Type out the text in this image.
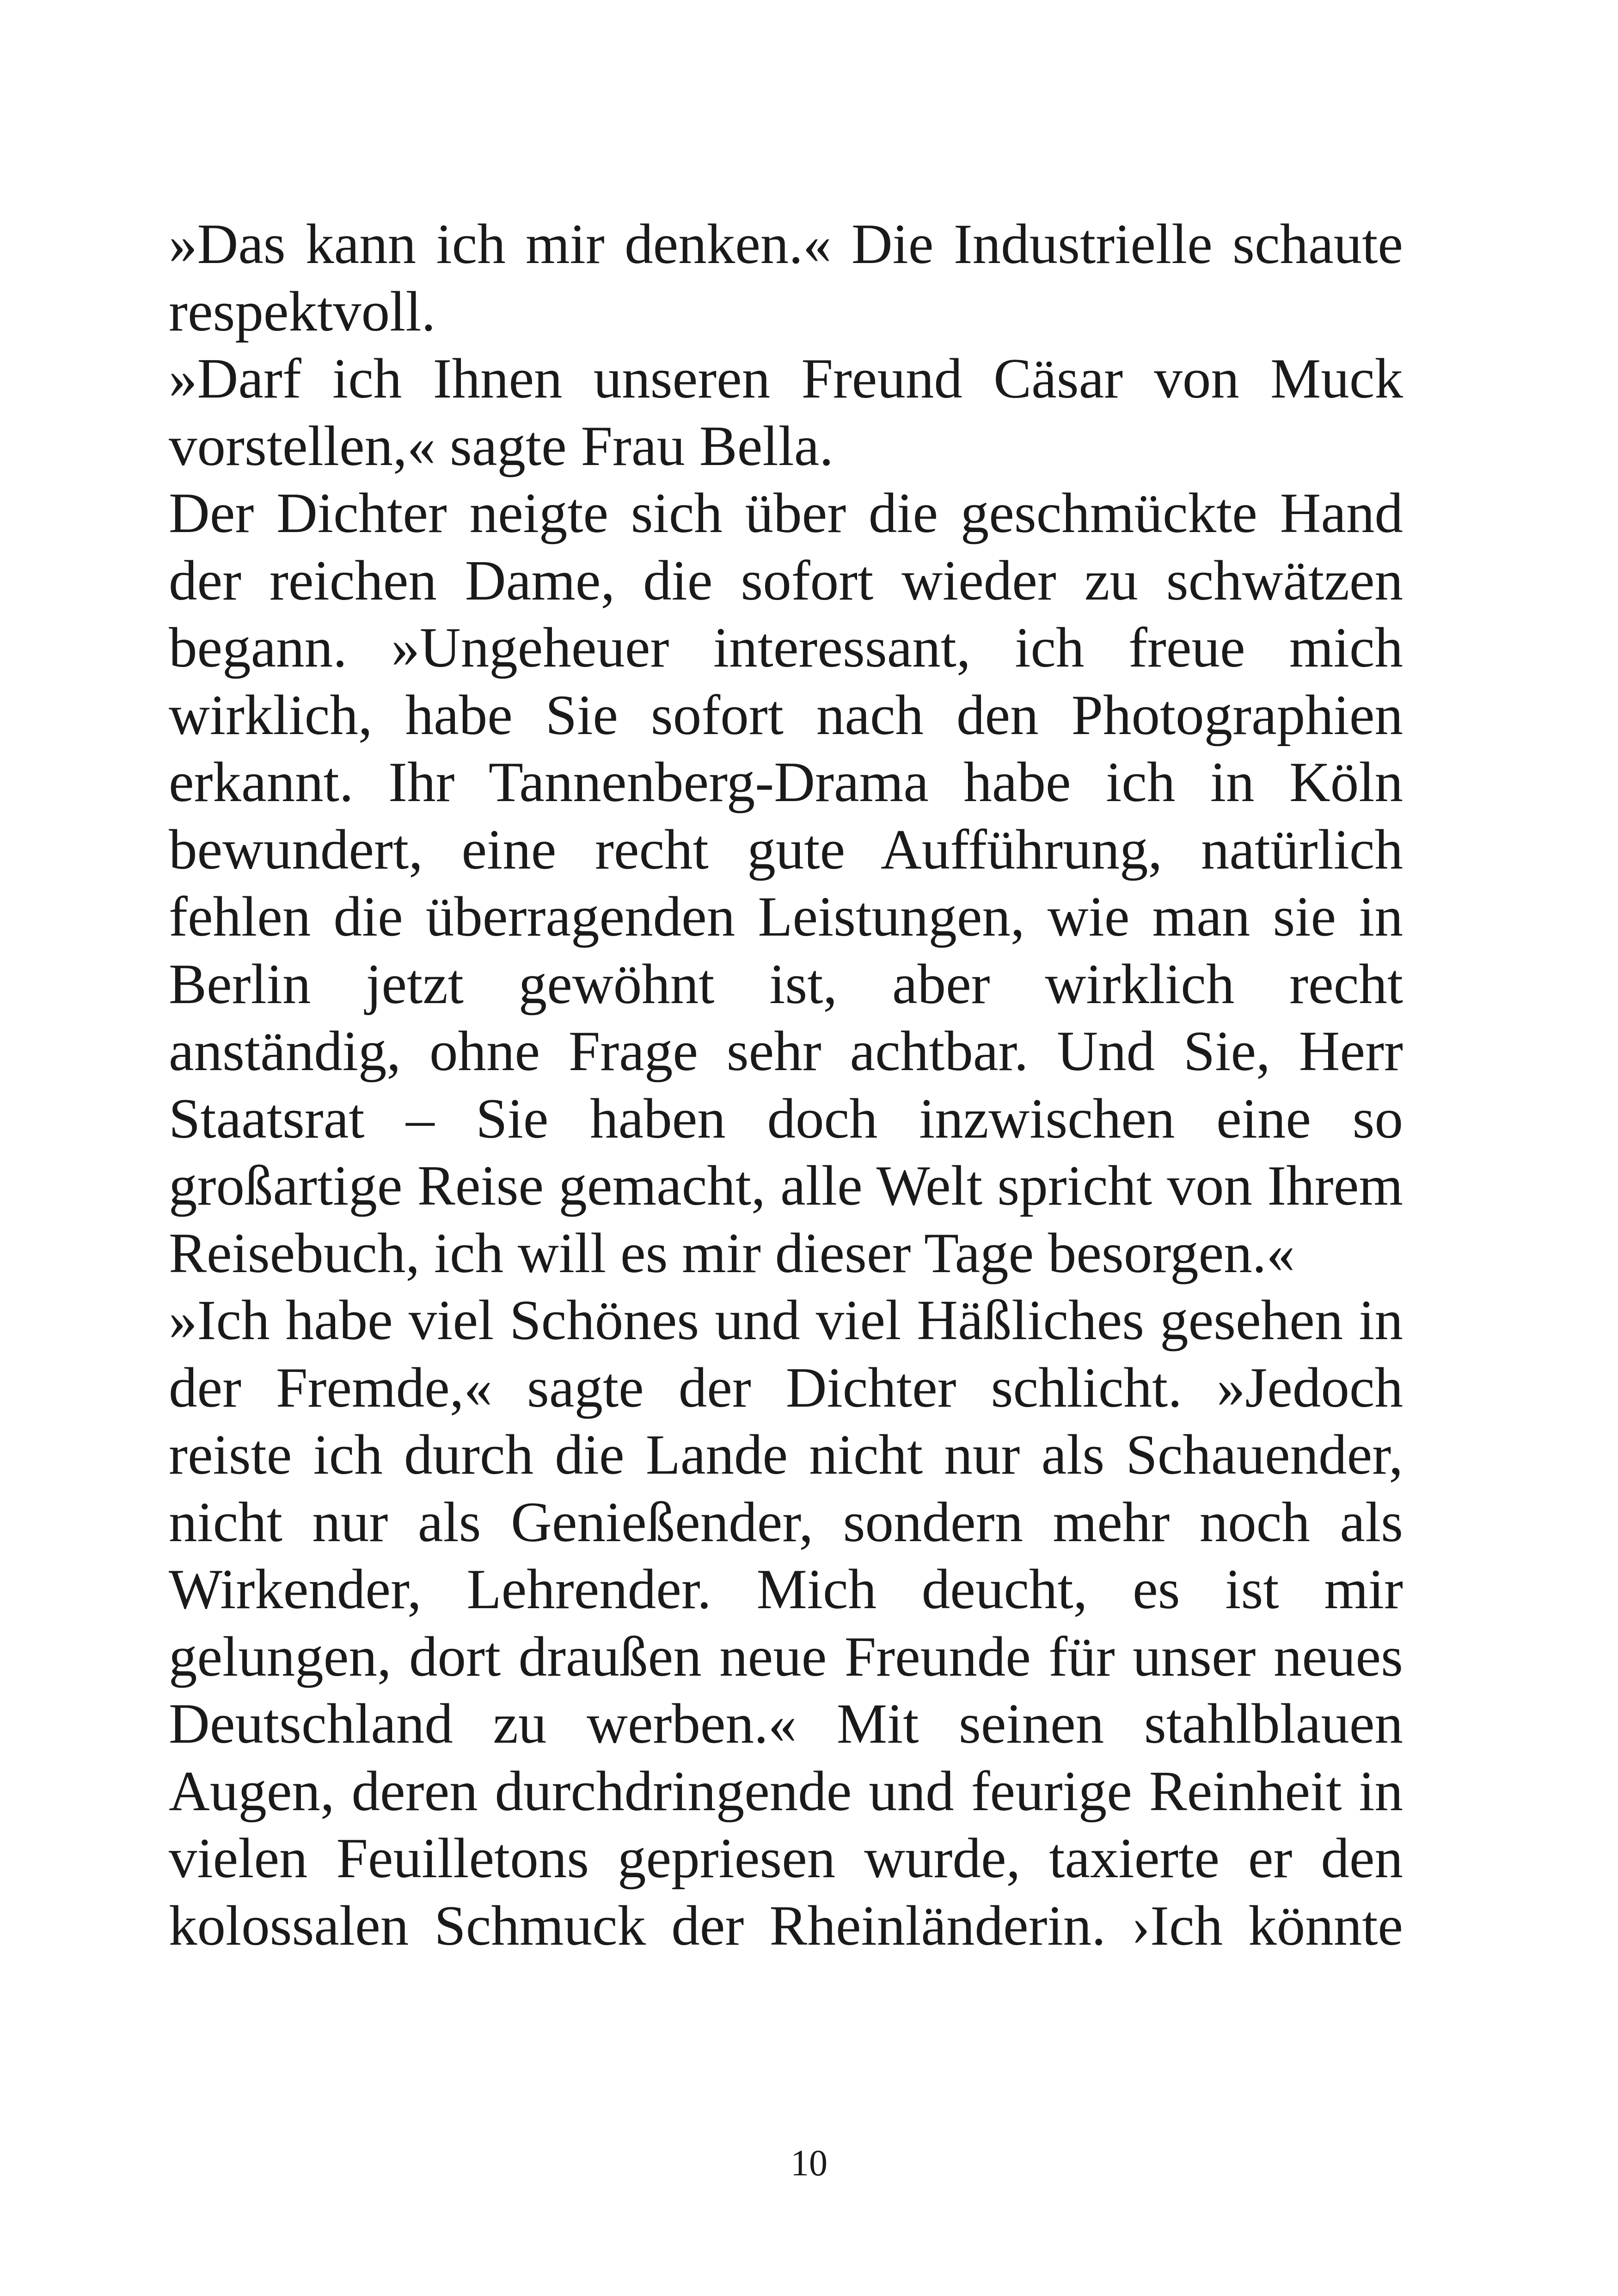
»Das kann ich mir denken.« Die Industrielle schaute respektvoll.

»Darf ich Ihnen unseren Freund Cäsar von Muck vorstellen,« sagte Frau Bella.

Der Dichter neigte sich über die geschmückte Hand der reichen Dame, die sofort wieder zu schwätzen begann. »Ungeheuer interessant, ich freue mich wirklich, habe Sie sofort nach den Photographien erkannt. Ihr Tannenberg-Drama habe ich in Köln bewundert, eine recht gute Aufführung, natürlich fehlen die überragenden Leistungen, wie man sie in Berlin jetzt gewöhnt ist, aber wirklich recht anständig, ohne Frage sehr achtbar. Und Sie, Herr Staatsrat – Sie haben doch inzwischen eine so großartige Reise gemacht, alle Welt spricht von Ihrem Reisebuch, ich will es mir dieser Tage besorgen.«

»Ich habe viel Schönes und viel Häßliches gesehen in der Fremde,« sagte der Dichter schlicht. »Jedoch reiste ich durch die Lande nicht nur als Schauender, nicht nur als Genießender, sondern mehr noch als Wirkender, Lehrender. Mich deucht, es ist mir gelungen, dort draußen neue Freunde für unser neues Deutschland zu werben.« Mit seinen stahlblauen Augen, deren durchdringende und feurige Reinheit in vielen Feuilletons gepriesen wurde, taxierte er den kolossalen Schmuck der Rheinländerin. ›Ich könnte

10
